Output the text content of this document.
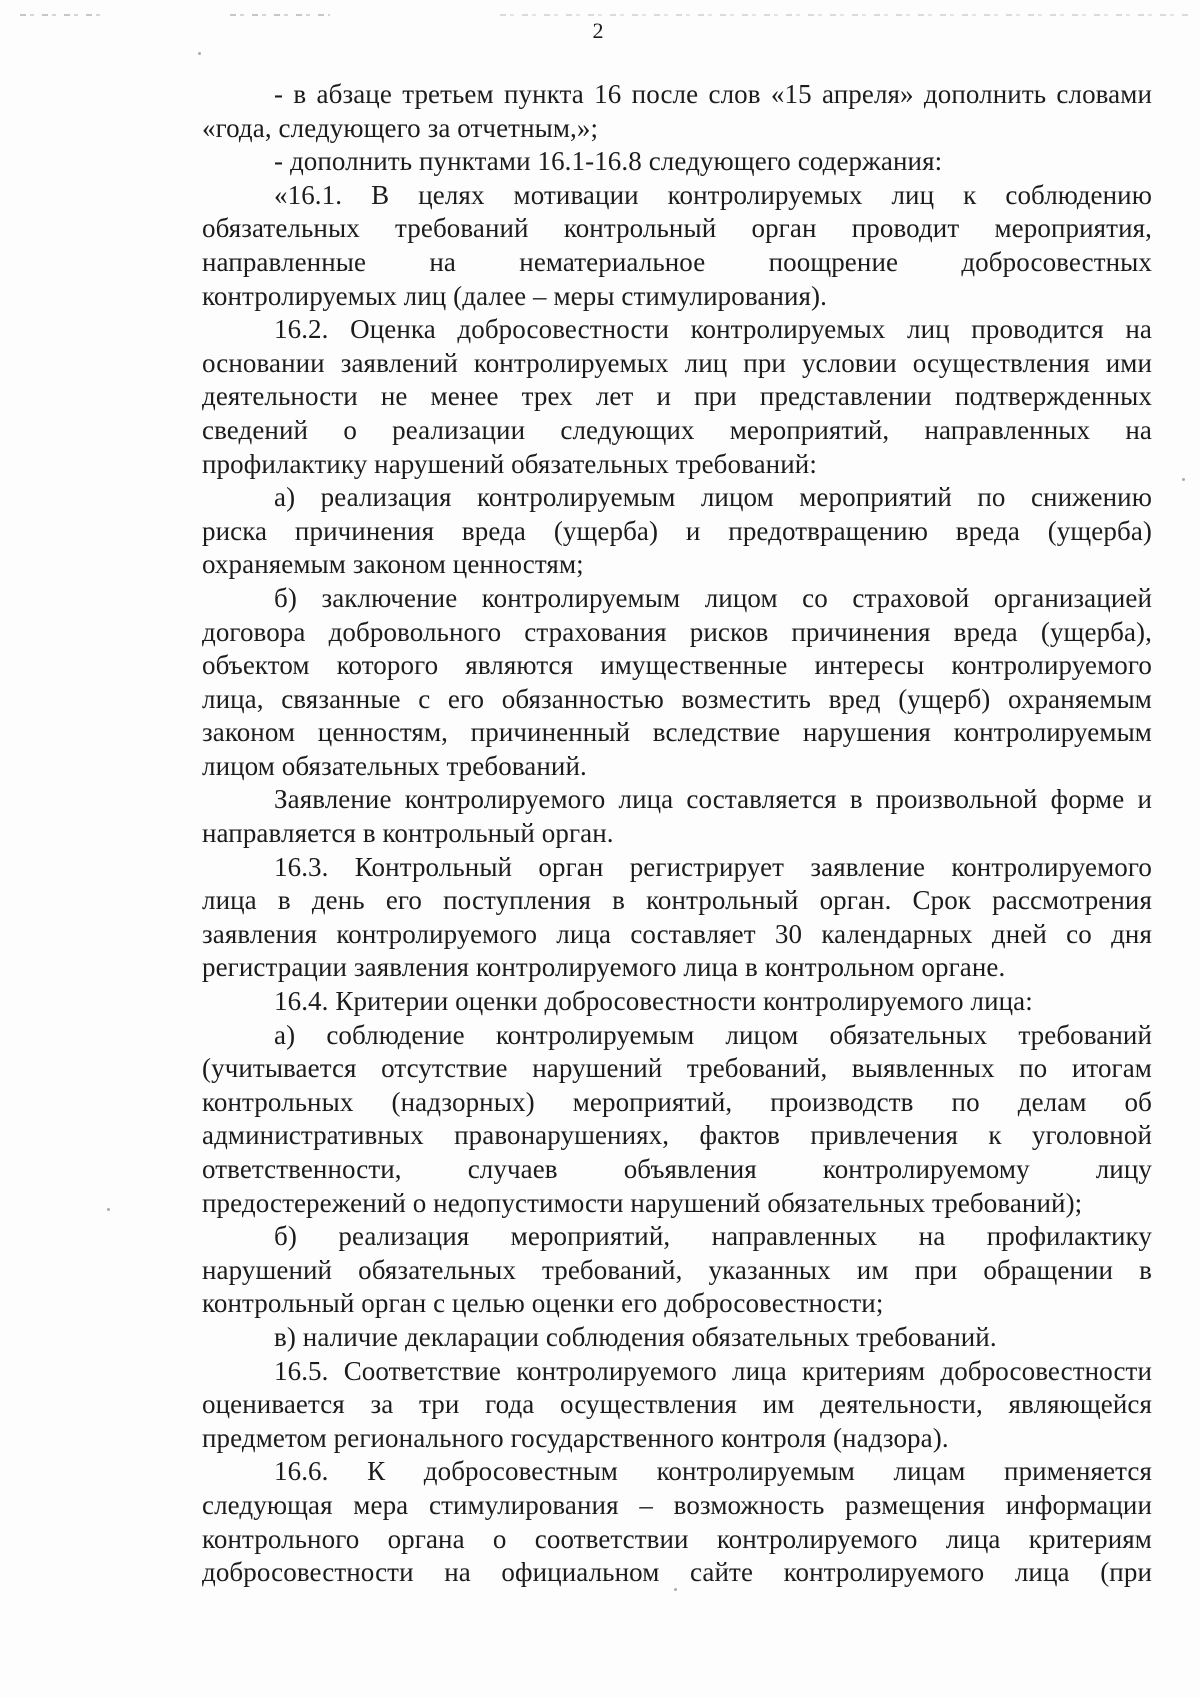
2
- в абзаце третьем пункта 16 после слов «15 апреля» дополнить словами
«года, следующего за отчетным,»;
- дополнить пунктами 16.1-16.8 следующего содержания:
«16.1. В целях мотивации контролируемых лиц к соблюдению
обязательных требований контрольный орган проводит мероприятия,
направленные на нематериальное поощрение добросовестных
контролируемых лиц (далее – меры стимулирования).
16.2. Оценка добросовестности контролируемых лиц проводится на
основании заявлений контролируемых лиц при условии осуществления ими
деятельности не менее трех лет и при представлении подтвержденных
сведений о реализации следующих мероприятий, направленных на
профилактику нарушений обязательных требований:
а) реализация контролируемым лицом мероприятий по снижению
риска причинения вреда (ущерба) и предотвращению вреда (ущерба)
охраняемым законом ценностям;
б) заключение контролируемым лицом со страховой организацией
договора добровольного страхования рисков причинения вреда (ущерба),
объектом которого являются имущественные интересы контролируемого
лица, связанные с его обязанностью возместить вред (ущерб) охраняемым
законом ценностям, причиненный вследствие нарушения контролируемым
лицом обязательных требований.
Заявление контролируемого лица составляется в произвольной форме и
направляется в контрольный орган.
16.3. Контрольный орган регистрирует заявление контролируемого
лица в день его поступления в контрольный орган. Срок рассмотрения
заявления контролируемого лица составляет 30 календарных дней со дня
регистрации заявления контролируемого лица в контрольном органе.
16.4. Критерии оценки добросовестности контролируемого лица:
а) соблюдение контролируемым лицом обязательных требований
(учитывается отсутствие нарушений требований, выявленных по итогам
контрольных (надзорных) мероприятий, производств по делам об
административных правонарушениях, фактов привлечения к уголовной
ответственности, случаев объявления контролируемому лицу
предостережений о недопустимости нарушений обязательных требований);
б) реализация мероприятий, направленных на профилактику
нарушений обязательных требований, указанных им при обращении в
контрольный орган с целью оценки его добросовестности;
в) наличие декларации соблюдения обязательных требований.
16.5. Соответствие контролируемого лица критериям добросовестности
оценивается за три года осуществления им деятельности, являющейся
предметом регионального государственного контроля (надзора).
16.6. К добросовестным контролируемым лицам применяется
следующая мера стимулирования – возможность размещения информации
контрольного органа о соответствии контролируемого лица критериям
добросовестности на официальном сайте контролируемого лица (при
